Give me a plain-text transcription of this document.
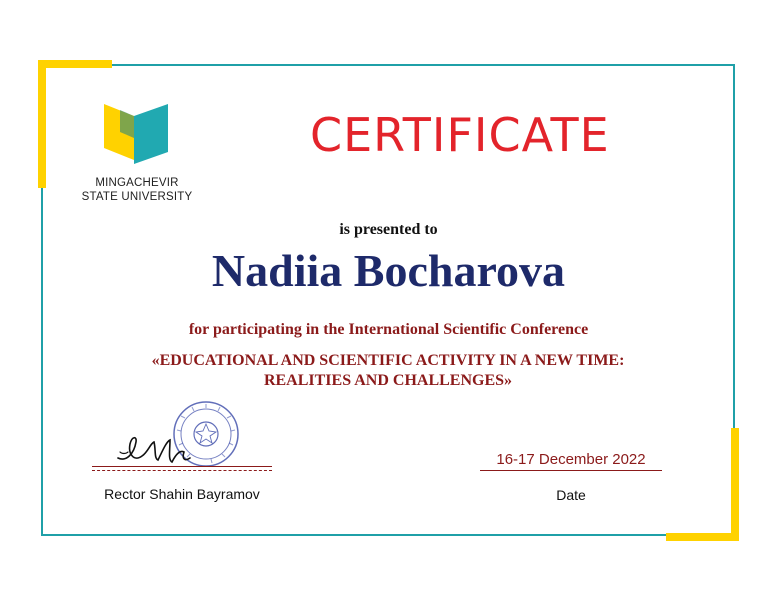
MINGACHEVIR
STATE UNIVERSITY
CERTIFICATE
is presented to
Nadiia Bocharova
for participating in the International Scientific Conference
«EDUCATIONAL AND SCIENTIFIC ACTIVITY IN A NEW TIME:
REALITIES AND CHALLENGES»
Rector Shahin Bayramov
16-17 December 2022
Date
